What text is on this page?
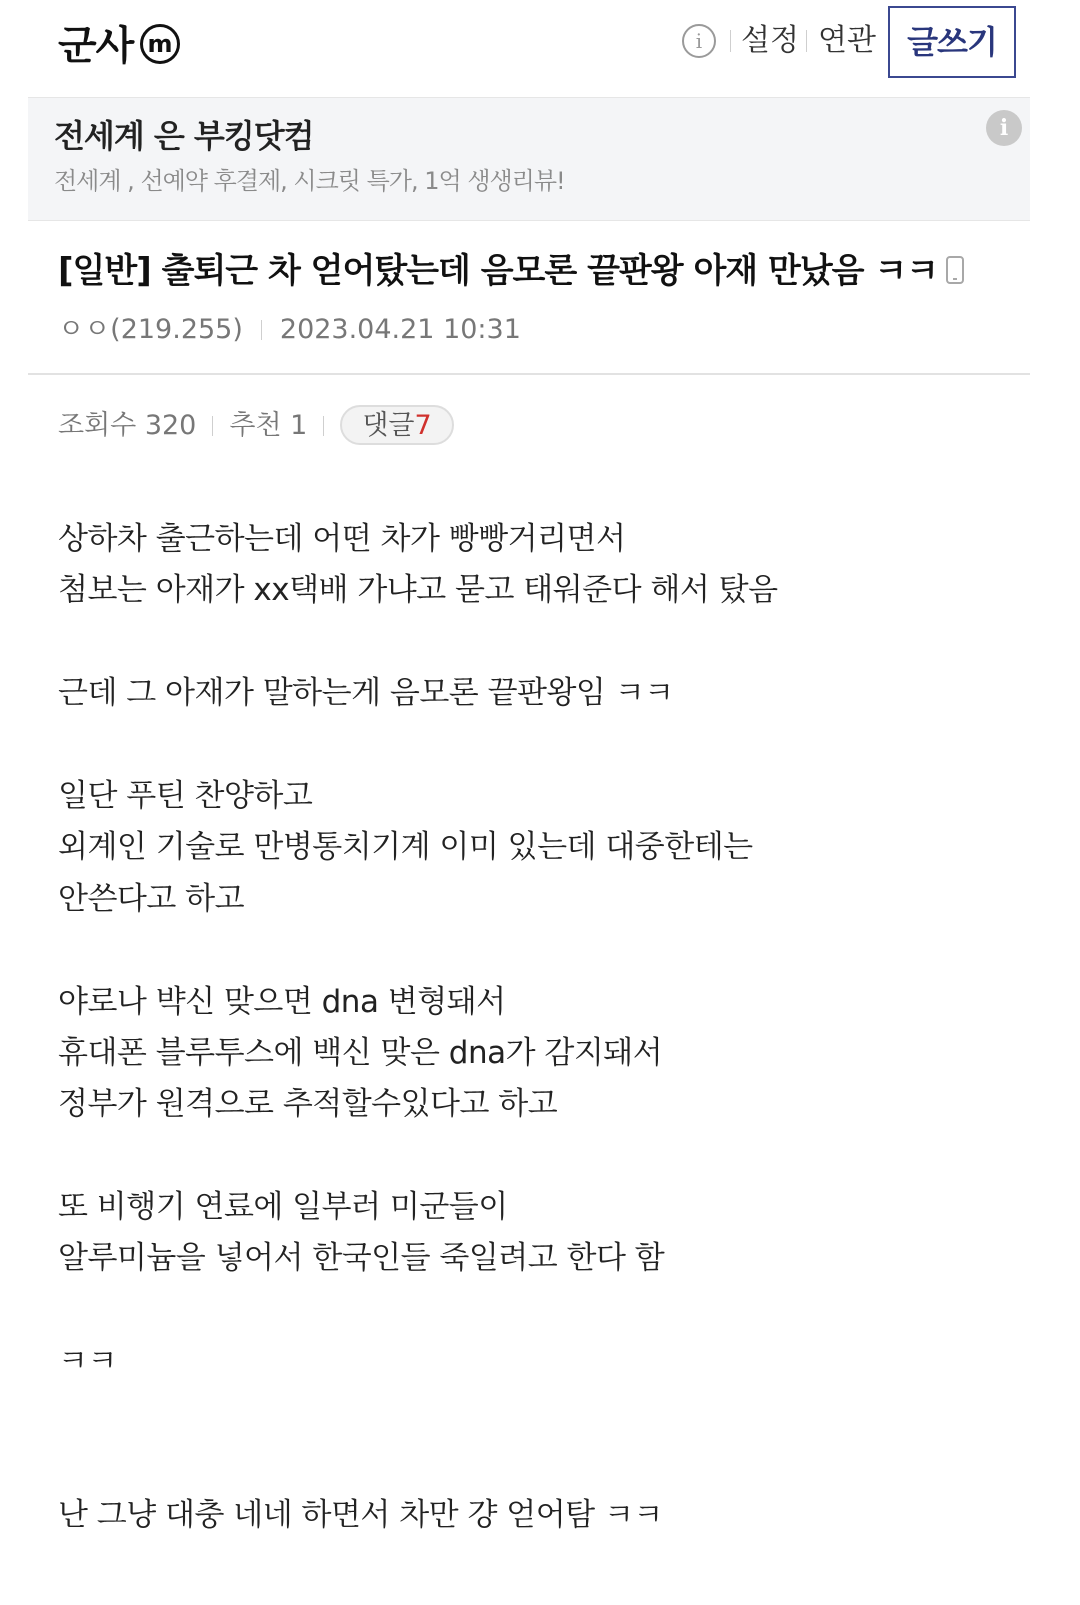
군사 m	i	설정 연관 글쓰기
전세계 은 부킹닷컴
전세계 , 선예약 후결제, 시크릿 특가, 1억 생생리뷰!
i
[일반] 출퇴근 차 얻어탔는데 음모론 끝판왕 아재 만났음 ㅋㅋ
ㅇㅇ(219.255) 2023.04.21 10:31
조회수 320 추천 1 댓글7

상하차 출근하는데 어떤 차가 빵빵거리면서

첨보는 아재가 xx택배 가냐고 묻고 태워준다 해서 탔음

근데 그 아재가 말하는게 음모론 끝판왕임 ㅋㅋ

일단 푸틴 찬양하고

외계인 기술로 만병통치기계 이미 있는데 대중한테는

안쓴다고 하고

야로나 뱍신 맞으면 dna 변형돼서

휴대폰 블루투스에 백신 맞은 dna가 감지돼서

정부가 원격으로 추적할수있다고 하고

또 비행기 연료에 일부러 미군들이

알루미늄을 넣어서 한국인들 죽일려고 한다 함

ㅋㅋ

난 그냥 대충 네네 하면서 차만 걍 얻어탐 ㅋㅋ
